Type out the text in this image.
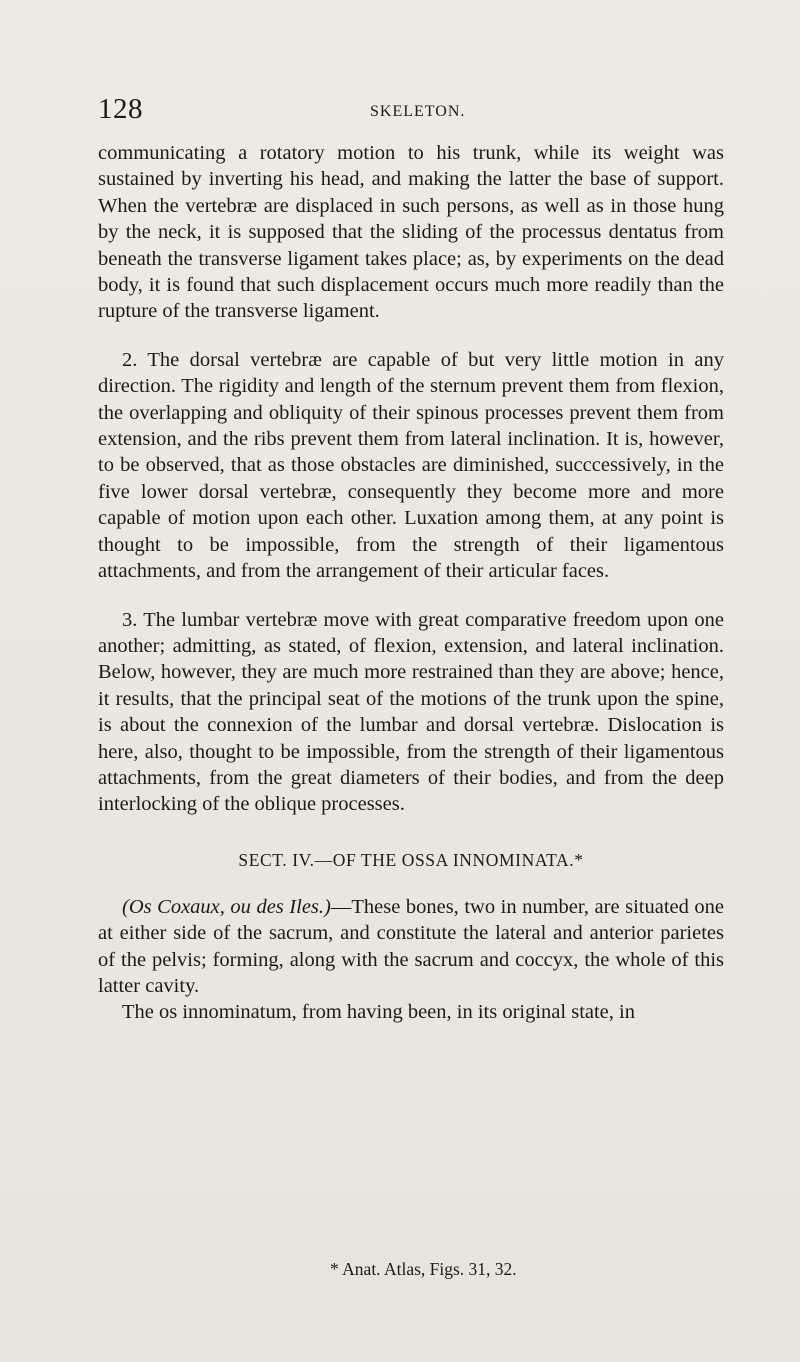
128	SKELETON.

communicating a rotatory motion to his trunk, while its weight was sustained by inverting his head, and making the latter the base of support. When the vertebræ are displaced in such persons, as well as in those hung by the neck, it is supposed that the sliding of the processus dentatus from beneath the transverse ligament takes place; as, by experiments on the dead body, it is found that such displacement occurs much more readily than the rupture of the transverse ligament.

2. The dorsal vertebræ are capable of but very little motion in any direction. The rigidity and length of the sternum prevent them from flexion, the overlapping and obliquity of their spinous processes prevent them from extension, and the ribs prevent them from lateral inclination. It is, however, to be observed, that as those obstacles are diminished, succcessively, in the five lower dorsal vertebræ, consequently they become more and more capable of motion upon each other. Luxation among them, at any point is thought to be impossible, from the strength of their ligamentous attachments, and from the arrangement of their articular faces.

3. The lumbar vertebræ move with great comparative freedom upon one another; admitting, as stated, of flexion, extension, and lateral inclination. Below, however, they are much more restrained than they are above; hence, it results, that the principal seat of the motions of the trunk upon the spine, is about the connexion of the lumbar and dorsal vertebræ. Dislocation is here, also, thought to be impossible, from the strength of their ligamentous attachments, from the great diameters of their bodies, and from the deep interlocking of the oblique processes.

SECT. IV.—OF THE OSSA INNOMINATA.*

(Os Coxaux, ou des Iles.)—These bones, two in number, are situated one at either side of the sacrum, and constitute the lateral and anterior parietes of the pelvis; forming, along with the sacrum and coccyx, the whole of this latter cavity.

The os innominatum, from having been, in its original state, in

* Anat. Atlas, Figs. 31, 32.
